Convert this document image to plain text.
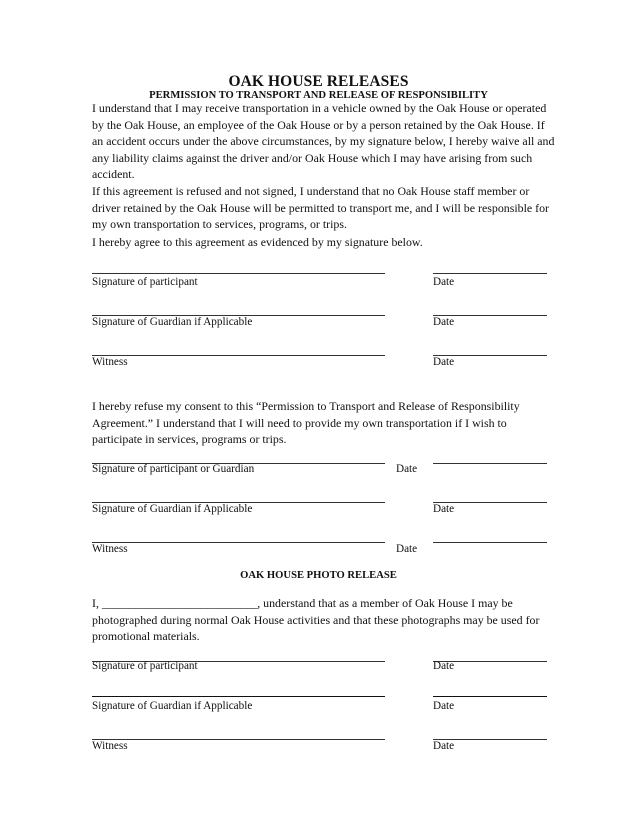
OAK HOUSE RELEASES
PERMISSION TO TRANSPORT AND RELEASE OF RESPONSIBILITY
I understand that I may receive transportation in a vehicle owned by the Oak House or operated
by the Oak House, an employee of the Oak House or by a person retained by the Oak House. If
an accident occurs under the above circumstances, by my signature below, I hereby waive all and
any liability claims against the driver and/or Oak House which I may have arising from such
accident.
If this agreement is refused and not signed, I understand that no Oak House staff member or
driver retained by the Oak House will be permitted to transport me, and I will be responsible for
my own transportation to services, programs, or trips.
I hereby agree to this agreement as evidenced by my signature below.
Signature of participant	Date
Signature of Guardian if Applicable	Date
Witness	Date
I hereby refuse my consent to this “Permission to Transport and Release of Responsibility
Agreement.” I understand that I will need to provide my own transportation if I wish to
participate in services, programs or trips.
Signature of participant or Guardian	Date
Signature of Guardian if Applicable	Date
Witness	Date
OAK HOUSE PHOTO RELEASE
I, ____________________________, understand that as a member of Oak House I may be
photographed during normal Oak House activities and that these photographs may be used for
promotional materials.
Signature of participant	Date
Signature of Guardian if Applicable	Date
Witness	Date
